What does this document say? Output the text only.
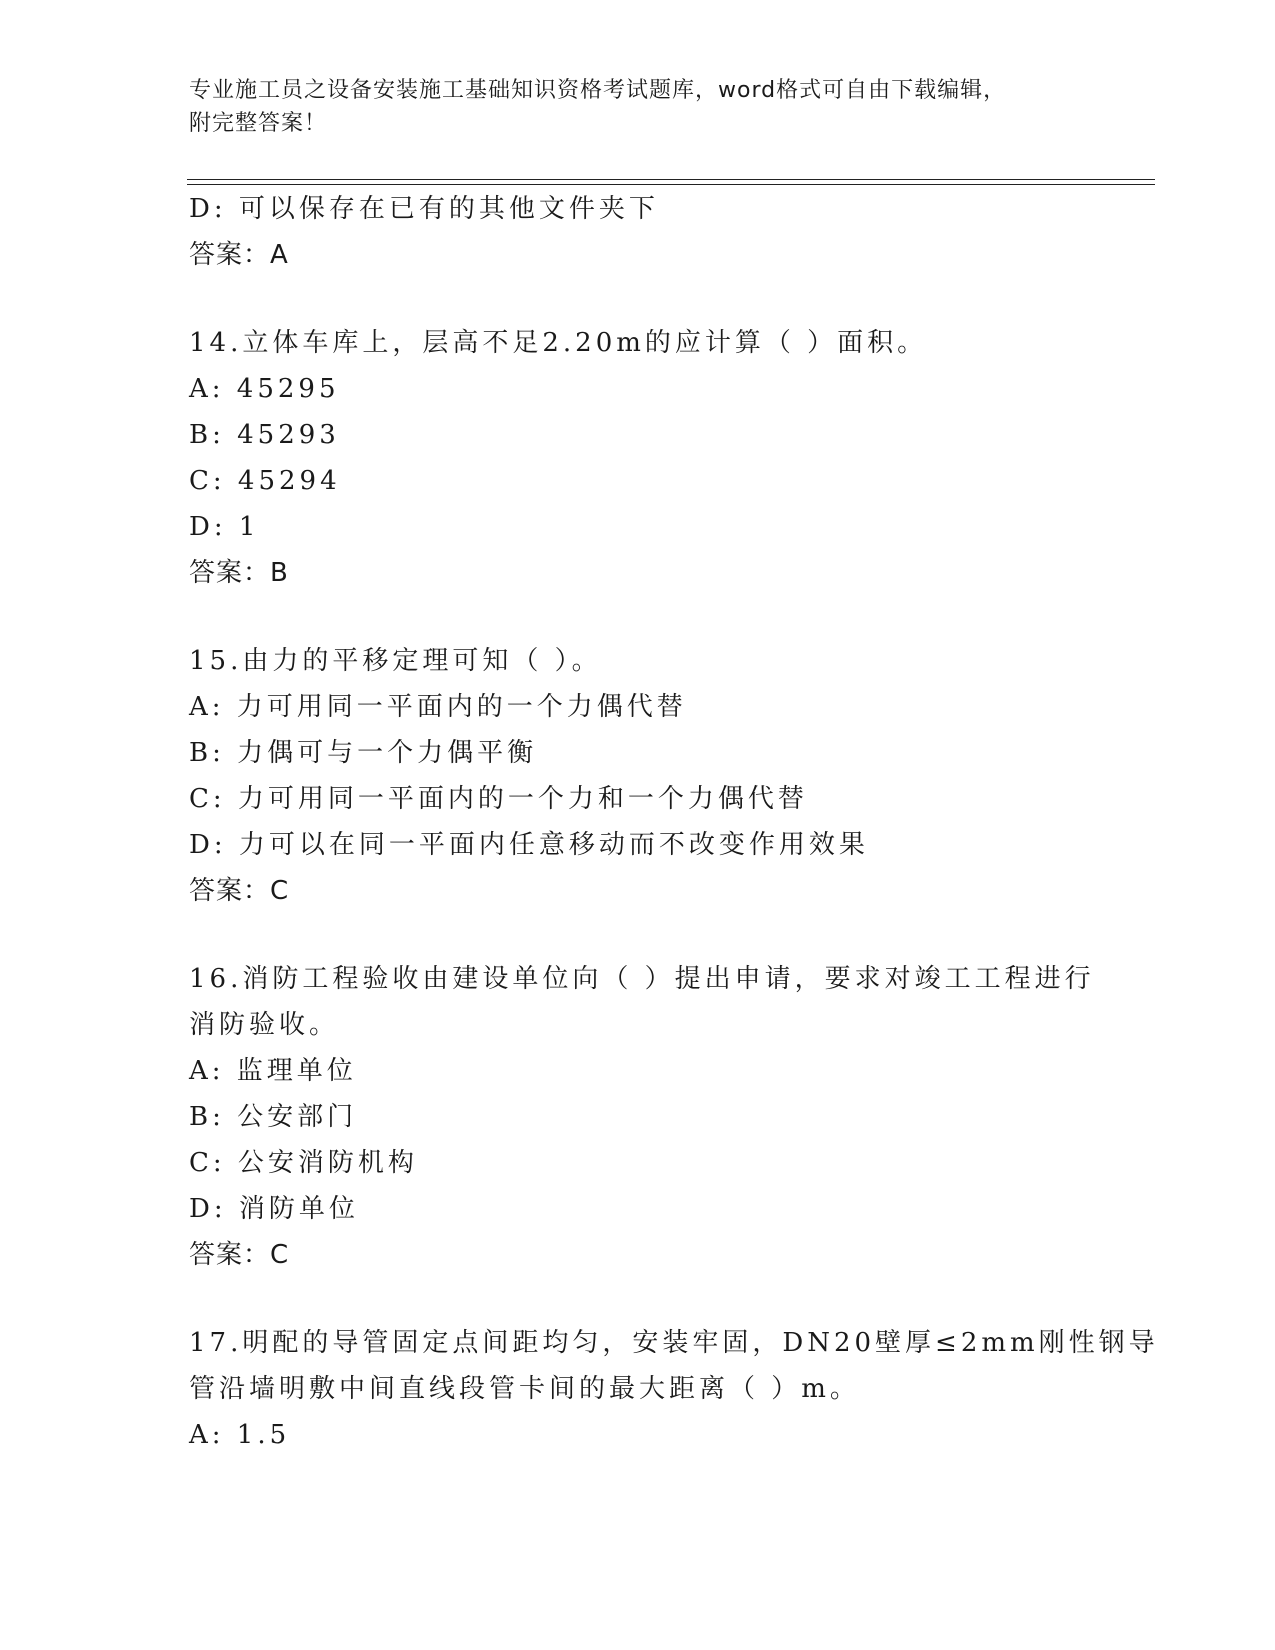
专业施工员之设备安装施工基础知识资格考试题库，word格式可自由下载编辑，
附完整答案！
D: 可以保存在已有的其他文件夹下
答案：A
14.立体车库上，层高不足2.20m的应计算（ ）面积。
A: 45295
B: 45293
C: 45294
D: 1
答案：B
15.由力的平移定理可知（ ）。
A: 力可用同一平面内的一个力偶代替
B: 力偶可与一个力偶平衡
C: 力可用同一平面内的一个力和一个力偶代替
D: 力可以在同一平面内任意移动而不改变作用效果
答案：C
16.消防工程验收由建设单位向（ ）提出申请，要求对竣工工程进行
消防验收。
A: 监理单位
B: 公安部门
C: 公安消防机构
D: 消防单位
答案：C
17.明配的导管固定点间距均匀，安装牢固，DN20壁厚≤2mm刚性钢导
管沿墙明敷中间直线段管卡间的最大距离（ ）m。
A: 1.5
